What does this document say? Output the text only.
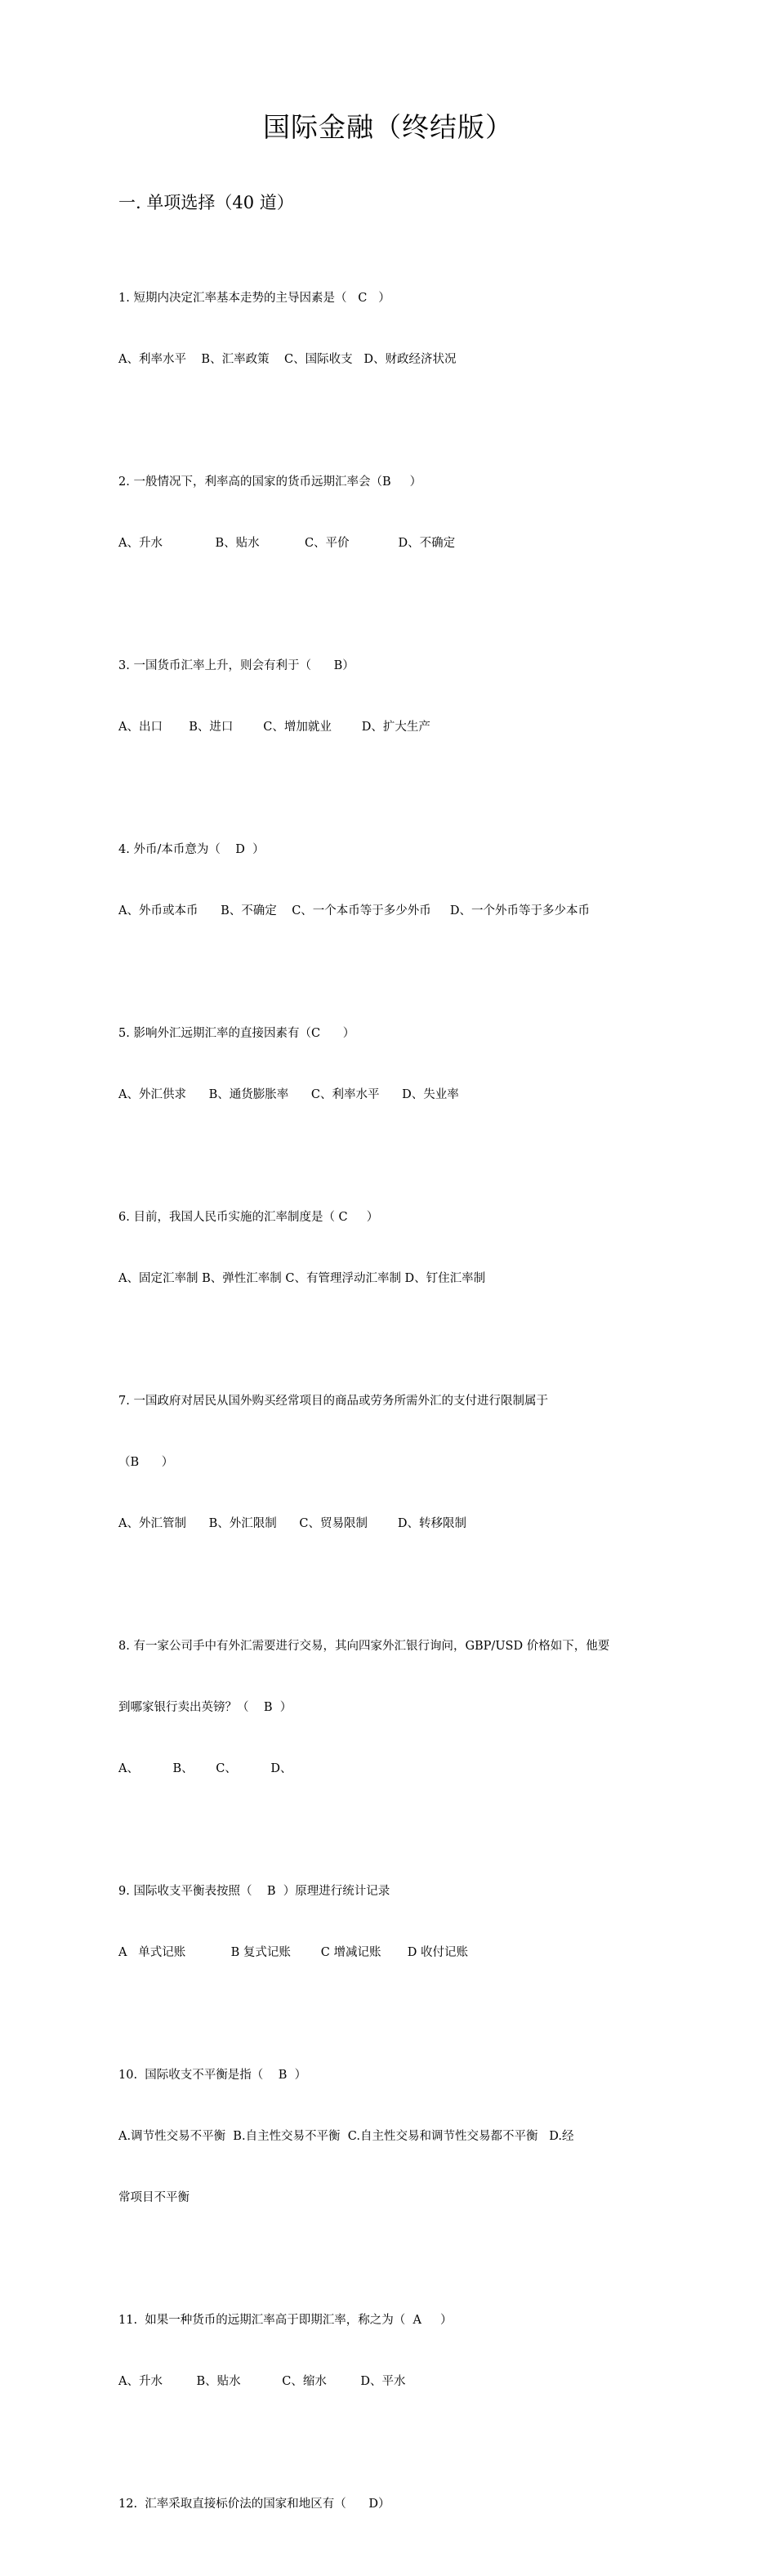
国际金融（终结版）
一. 单项选择（40 道）

1. 短期内决定汇率基本走势的主导因素是（   C   ）

A、利率水平    B、汇率政策    C、国际收支   D、财政经济状况

2. 一般情况下，利率高的国家的货币远期汇率会（B     ）

A、升水              B、贴水            C、平价             D、不确定

3. 一国货币汇率上升，则会有利于（      B）

A、出口       B、进口        C、增加就业        D、扩大生产

4. 外币/本币意为（    D  ）

A、外币或本币      B、不确定    C、一个本币等于多少外币     D、一个外币等于多少本币

5. 影响外汇远期汇率的直接因素有（C      ）

A、外汇供求      B、通货膨胀率      C、利率水平      D、失业率

6. 目前，我国人民币实施的汇率制度是（ C     ）

A、固定汇率制 B、弹性汇率制 C、有管理浮动汇率制 D、钉住汇率制

7. 一国政府对居民从国外购买经常项目的商品或劳务所需外汇的支付进行限制属于

（B      ）

A、外汇管制      B、外汇限制      C、贸易限制        D、转移限制

8. 有一家公司手中有外汇需要进行交易，其向四家外汇银行询问，GBP/USD 价格如下，他要

到哪家银行卖出英镑？（    B  ）

A、         B、      C、         D、

9. 国际收支平衡表按照（    B  ）原理进行统计记录

A   单式记账            B 复式记账        C 增减记账       D 收付记账

10.  国际收支不平衡是指（    B  ）

A.调节性交易不平衡  B.自主性交易不平衡  C.自主性交易和调节性交易都不平衡   D.经

常项目不平衡

11.  如果一种货币的远期汇率高于即期汇率，称之为（  A     ）

A、升水         B、贴水           C、缩水         D、平水

12.  汇率采取直接标价法的国家和地区有（      D）
